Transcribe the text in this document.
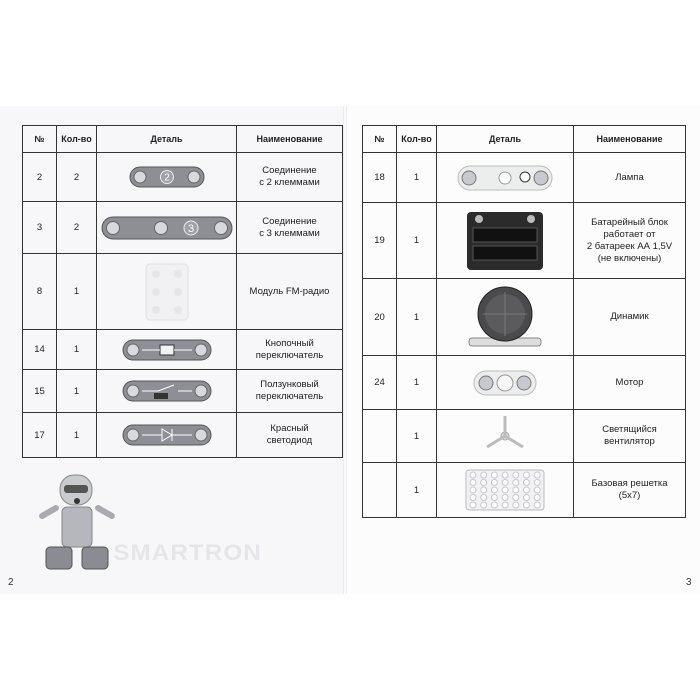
№	Кол-во	Деталь	Наименование
2	2	2	Соединение
с 2 клеммами
3	2	3	Соединение
с 3 клеммами
8	1		Модуль FM-радио
14	1		Кнопочный
переключатель
15	1		Ползунковый
переключатель
17	1		Красный
светодиод
SMARTRON
№	Кол-во	Деталь	Наименование
18	1		Лампа
19	1		Батарейный блок
работает от
2 батареек АА 1,5V
(не включены)
20	1		Динамик
24	1		Мотор
	1		Светящийся
вентилятор
	1		Базовая решетка
(5x7)
2	3
